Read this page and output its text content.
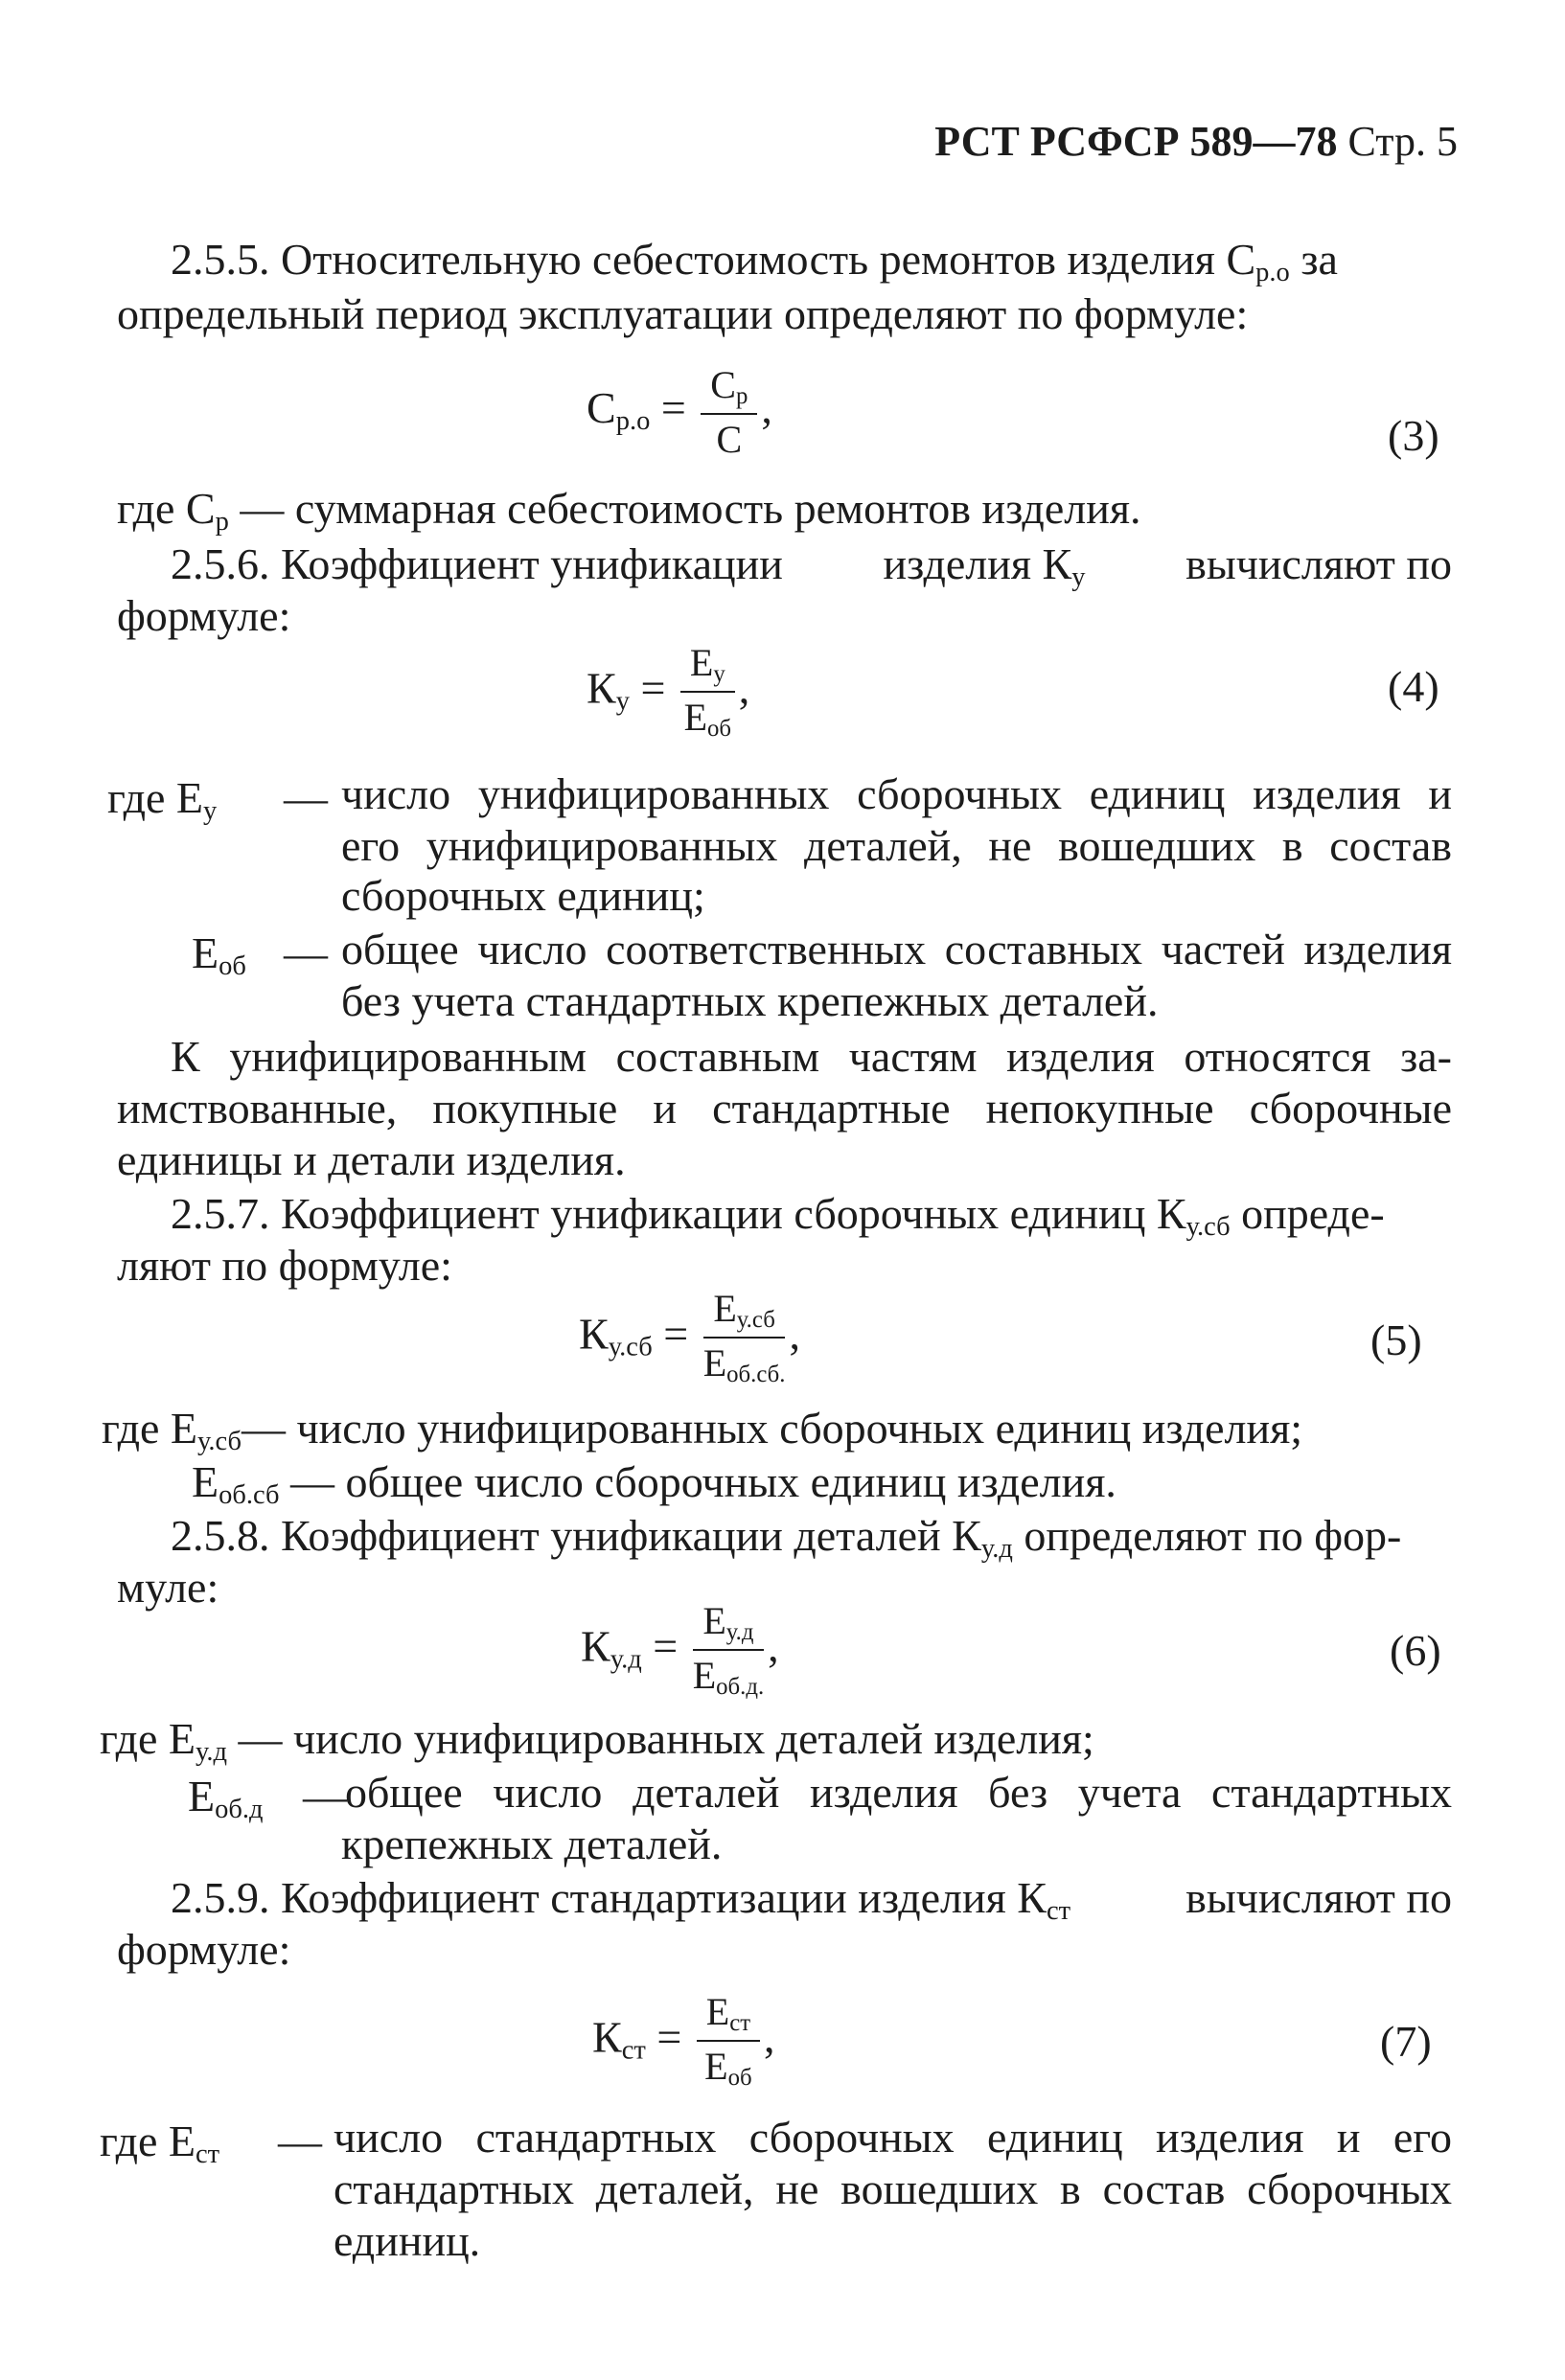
РСТ РСФСР 589—78 Стр. 5
2.5.5. Относительную себестоимость ремонтов изделия $С_{р.о}$ за
определьный период эксплуатации определяют по формуле:
$С_{р.о} = \frac{С_р}{С}$ ,
(3)
где $С_р$ — суммарная себестоимость ремонтов изделия.
2.5.6. Коэффициент унификации изделия $К_у$ вычисляют по
формуле:
$К_у = \frac{Е_у}{Е_{об}}$ ,	(4)
где $Е_у$ — число унифицированных сборочных единиц изделия и
его унифицированных деталей, не вошедших в состав
сборочных единиц;
$Е_{об}$ — общее число соответственных составных частей изделия
без учета стандартных крепежных деталей.
К унифицированным составным частям изделия относятся за-
имствованные, покупные и стандартные непокупные сборочные
единицы и детали изделия.
2.5.7. Коэффициент унификации сборочных единиц $К_{у.сб}$ опреде-
ляют по формуле:
$К_{у.сб} = \frac{Е_{у.сб}}{Е_{об.сб.}}$ ,	(5)
где $Е_{у.сб}—$ число унифицированных сборочных единиц изделия;
$Е_{об.сб}$ — общее число сборочных единиц изделия.
2.5.8. Коэффициент унификации деталей $К_{у.д}$ определяют по фор-
муле:
$К_{у.д} = \frac{Е_{у.д}}{Е_{об.д.}}$ ,	(6)
где $Е_{у.д}$ — число унифицированных деталей изделия;
$Е_{об.д}$ —
общее число деталей изделия без учета стандартных
крепежных деталей.
2.5.9. Коэффициент стандартизации изделия $К_{ст}$	вычисляют по
формуле:
$К_{ст} = \frac{Е_{ст}}{Е_{об}}$ ,	(7)
где $Е_{ст}$ — число стандартных сборочных единиц изделия и его
стандартных деталей, не вошедших в состав сборочных
единиц.
